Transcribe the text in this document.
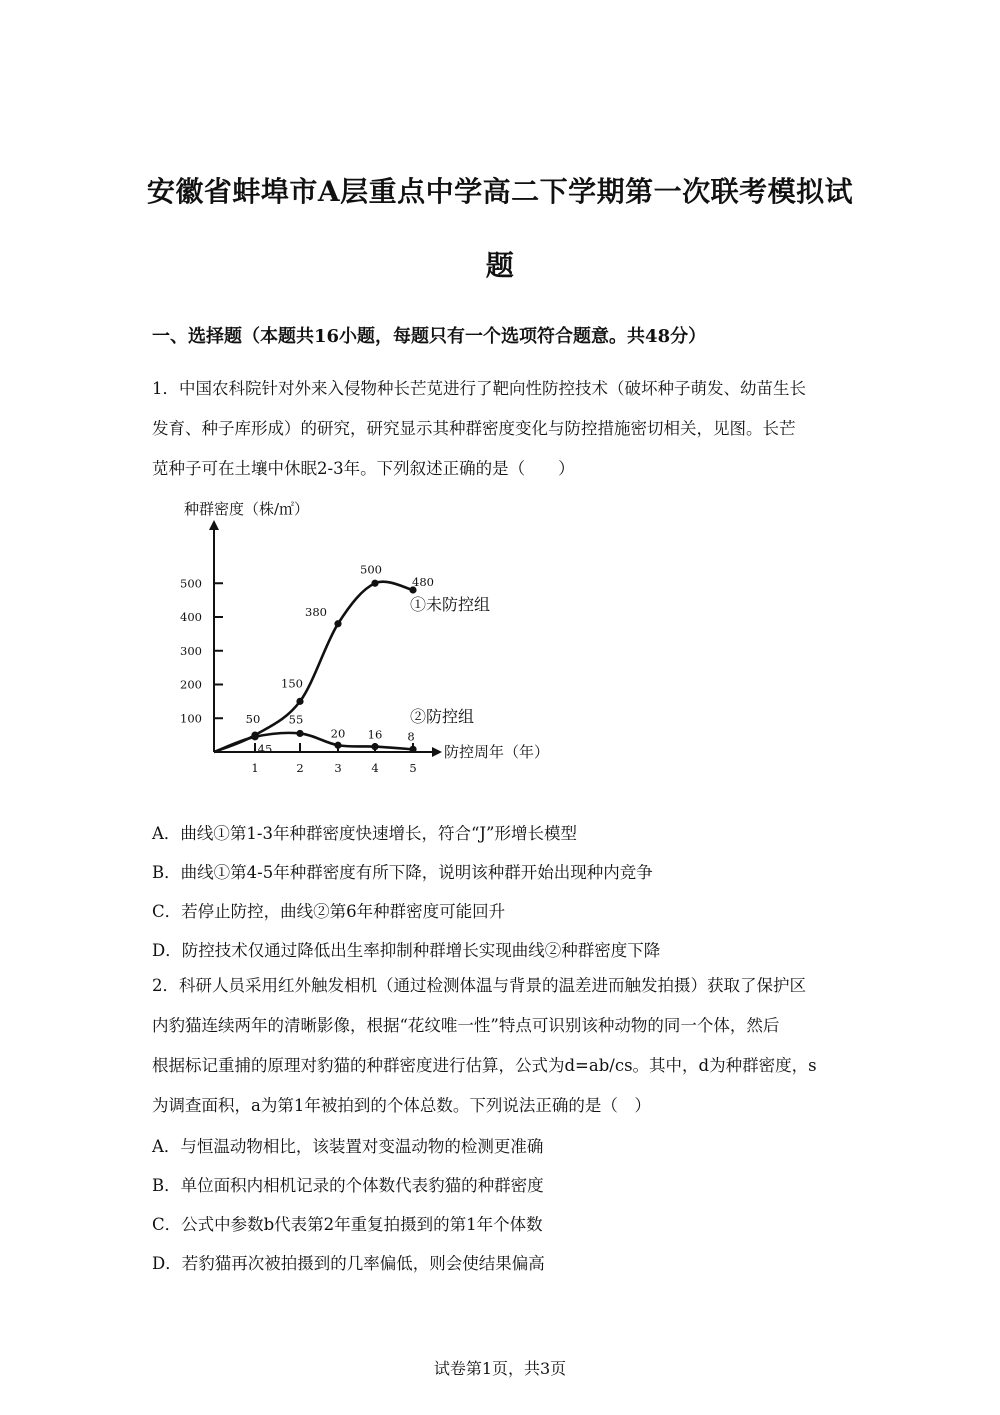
安徽省蚌埠市A层重点中学高二下学期第一次联考模拟试
题
一、选择题（本题共16小题，每题只有一个选项符合题意。共48分）
1．中国农科院针对外来入侵物种长芒苋进行了靶向性防控技术（破坏种子萌发、幼苗生长
发育、种子库形成）的研究，研究显示其种群密度变化与防控措施密切相关，见图。长芒
苋种子可在土壤中休眠2-3年。下列叙述正确的是（　　）
种群密度（株/㎡）
防控周年（年）
100
200
300
400
500
1	2	3	4	5
50
150
380
500
480
①未防控组
45
55
20 16 8
②防控组
A．曲线①第1-3年种群密度快速增长，符合“J”形增长模型
B．曲线①第4-5年种群密度有所下降，说明该种群开始出现种内竞争
C．若停止防控，曲线②第6年种群密度可能回升
D．防控技术仅通过降低出生率抑制种群增长实现曲线②种群密度下降
2．科研人员采用红外触发相机（通过检测体温与背景的温差进而触发拍摄）获取了保护区
内豹猫连续两年的清晰影像，根据“花纹唯一性”特点可识别该种动物的同一个体，然后
根据标记重捕的原理对豹猫的种群密度进行估算，公式为d=ab/cs。其中，d为种群密度，s
为调查面积，a为第1年被拍到的个体总数。下列说法正确的是（　）
A．与恒温动物相比，该装置对变温动物的检测更准确
B．单位面积内相机记录的个体数代表豹猫的种群密度
C．公式中参数b代表第2年重复拍摄到的第1年个体数
D．若豹猫再次被拍摄到的几率偏低，则会使结果偏高
试卷第1页，共3页
